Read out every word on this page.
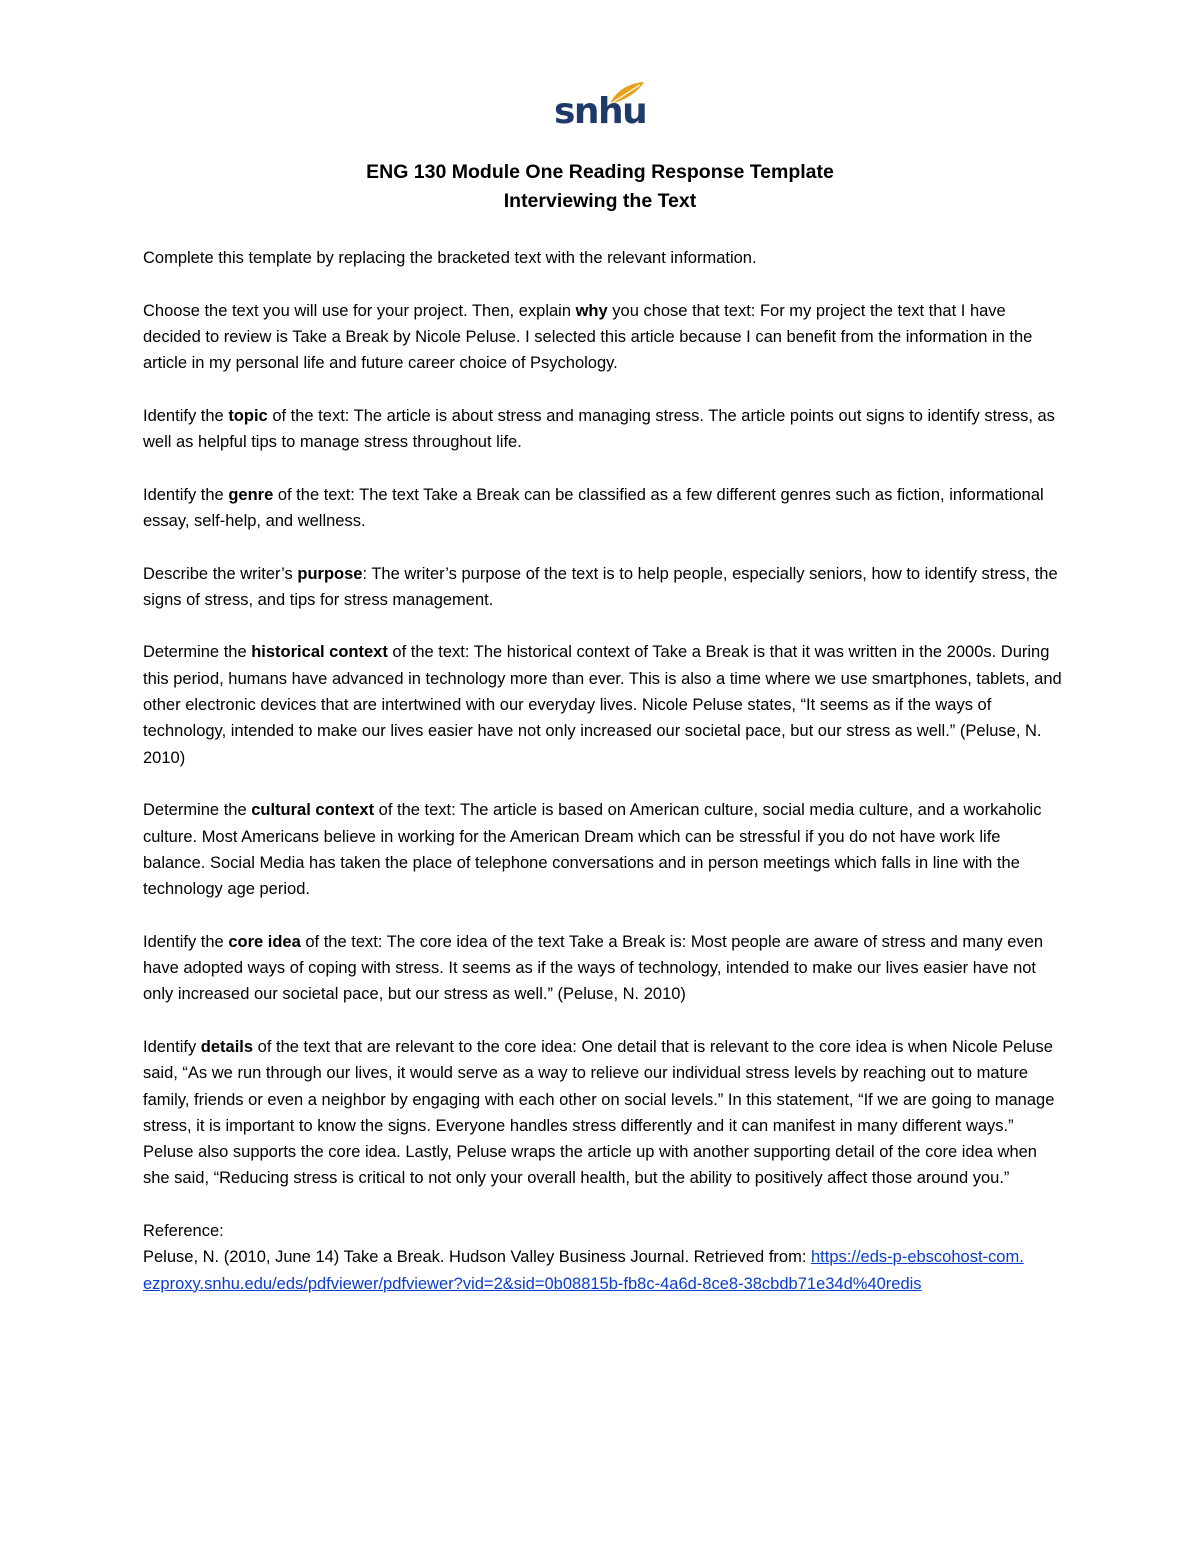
snhu
ENG 130 Module One Reading Response Template
Interviewing the Text

Complete this template by replacing the bracketed text with the relevant information.

Choose the text you will use for your project. Then, explain why you chose that text: For my project the text that I have decided to review is Take a Break by Nicole Peluse. I selected this article because I can benefit from the information in the article in my personal life and future career choice of Psychology.

Identify the topic of the text: The article is about stress and managing stress. The article points out signs to identify stress, as well as helpful tips to manage stress throughout life.

Identify the genre of the text: The text Take a Break can be classified as a few different genres such as fiction, informational essay, self-help, and wellness.

Describe the writer’s purpose: The writer’s purpose of the text is to help people, especially seniors, how to identify stress, the signs of stress, and tips for stress management.

Determine the historical context of the text: The historical context of Take a Break is that it was written in the 2000s. During this period, humans have advanced in technology more than ever. This is also a time where we use smartphones, tablets, and other electronic devices that are intertwined with our everyday lives. Nicole Peluse states, “It seems as if the ways of technology, intended to make our lives easier have not only increased our societal pace, but our stress as well.” (Peluse, N. 2010)

Determine the cultural context of the text: The article is based on American culture, social media culture, and a workaholic culture. Most Americans believe in working for the American Dream which can be stressful if you do not have work life balance. Social Media has taken the place of telephone conversations and in person meetings which falls in line with the technology age period.

Identify the core idea of the text: The core idea of the text Take a Break is: Most people are aware of stress and many even have adopted ways of coping with stress. It seems as if the ways of technology, intended to make our lives easier have not only increased our societal pace, but our stress as well.” (Peluse, N. 2010)

Identify details of the text that are relevant to the core idea: One detail that is relevant to the core idea is when Nicole Peluse said, “As we run through our lives, it would serve as a way to relieve our individual stress levels by reaching out to mature family, friends or even a neighbor by engaging with each other on social levels.” In this statement, “If we are going to manage stress, it is important to know the signs. Everyone handles stress differently and it can manifest in many different ways.” Peluse also supports the core idea. Lastly, Peluse wraps the article up with another supporting detail of the core idea when she said, “Reducing stress is critical to not only your overall health, but the ability to positively affect those around you.”

Reference:
Peluse, N. (2010, June 14) Take a Break. Hudson Valley Business Journal. Retrieved from: https://eds-p-ebscohost-com.ezproxy.snhu.edu/eds/pdfviewer/pdfviewer?vid=2&sid=0b08815b-fb8c-4a6d-8ce8-38cbdb71e34d%40redis
